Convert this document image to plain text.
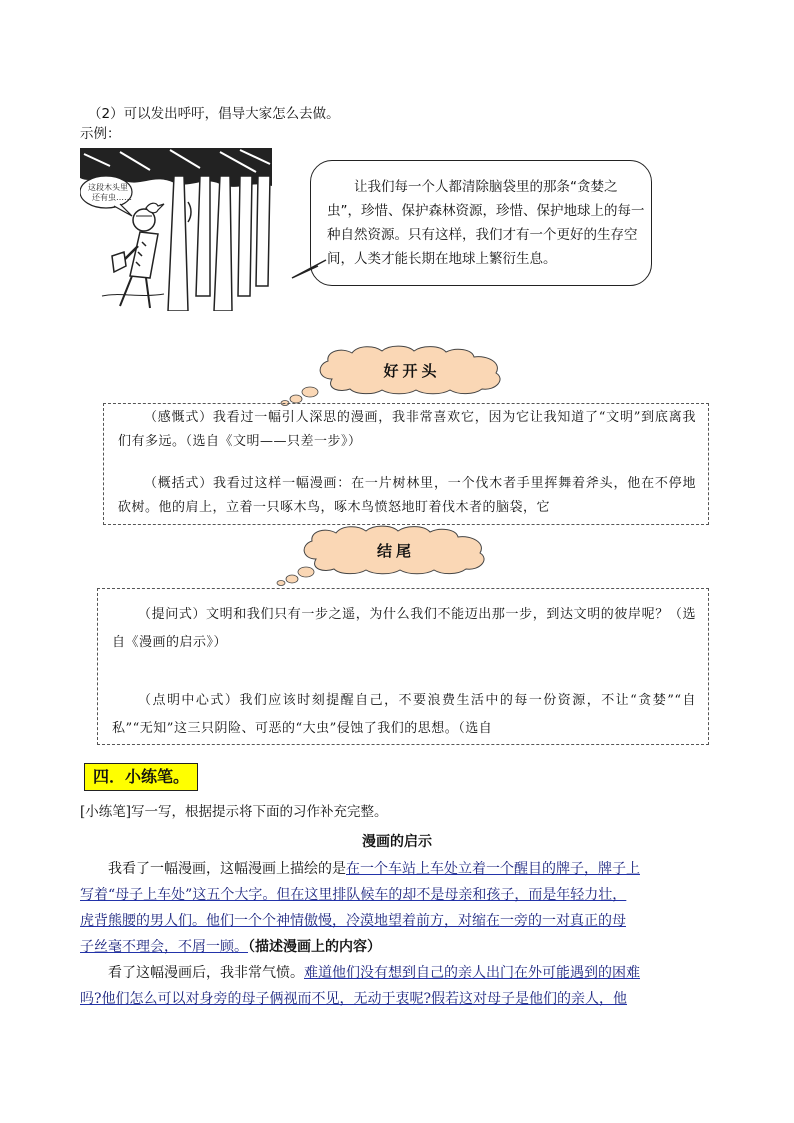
（2）可以发出呼吁，倡导大家怎么去做。
示例：
这段木头里
还有虫……
让我们每一个人都清除脑袋里的那条“贪婪之虫”，珍惜、保护森林资源，珍惜、保护地球上的每一种自然资源。只有这样，我们才有一个更好的生存空间，人类才能长期在地球上繁衍生息。
好开头
（感慨式）我看过一幅引人深思的漫画，我非常喜欢它，因为它让我知道了“文明”到底离我们有多远。（选自《文明——只差一步》）
（概括式）我看过这样一幅漫画：在一片树林里，一个伐木者手里挥舞着斧头，他在不停地砍树。他的肩上，立着一只啄木鸟，啄木鸟愤怒地盯着伐木者的脑袋，它
结尾
（提问式）文明和我们只有一步之遥，为什么我们不能迈出那一步，到达文明的彼岸呢？（选自《漫画的启示》）
（点明中心式）我们应该时刻提醒自己，不要浪费生活中的每一份资源，不让“贪婪”“自私”“无知”这三只阴险、可恶的“大虫”侵蚀了我们的思想。（选自
四．小练笔。
[小练笔]写一写，根据提示将下面的习作补充完整。
漫画的启示
我看了一幅漫画，这幅漫画上描绘的是在一个车站上车处立着一个醒目的牌子，牌子上
写着“母子上车处”这五个大字。但在这里排队候车的却不是母亲和孩子，而是年轻力壮，
虎背熊腰的男人们。他们一个个神情傲慢，冷漠地望着前方，对缩在一旁的一对真正的母
子丝毫不理会，不屑一顾。（描述漫画上的内容）
看了这幅漫画后，我非常气愤。难道他们没有想到自己的亲人出门在外可能遇到的困难
吗?他们怎么可以对身旁的母子俩视而不见，无动于衷呢?假若这对母子是他们的亲人，他
